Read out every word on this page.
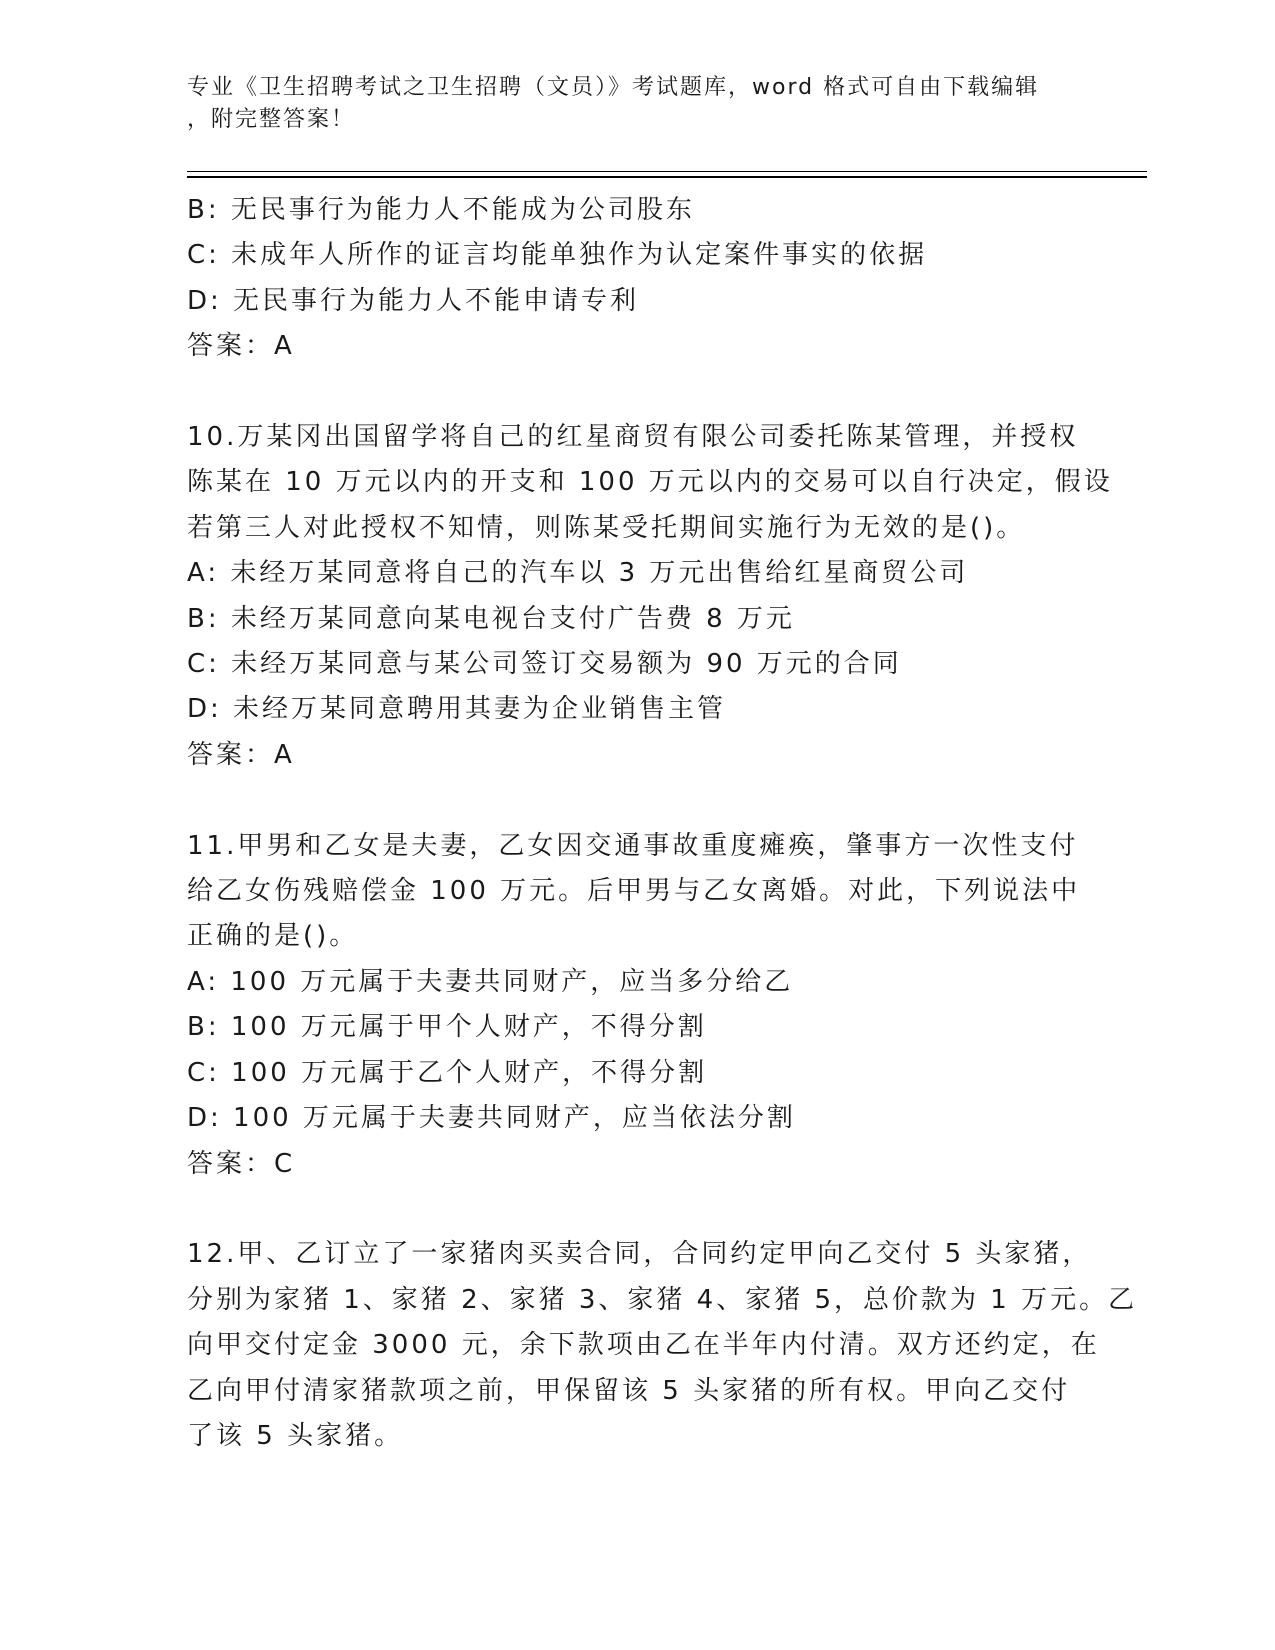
专业《卫生招聘考试之卫生招聘（文员）》考试题库，word 格式可自由下载编辑
，附完整答案！
B: 无民事行为能力人不能成为公司股东
C: 未成年人所作的证言均能单独作为认定案件事实的依据
D: 无民事行为能力人不能申请专利
答案：A
10.万某冈出国留学将自己的红星商贸有限公司委托陈某管理，并授权
陈某在 10 万元以内的开支和 100 万元以内的交易可以自行决定，假设
若第三人对此授权不知情，则陈某受托期间实施行为无效的是()。
A: 未经万某同意将自己的汽车以 3 万元出售给红星商贸公司
B: 未经万某同意向某电视台支付广告费 8 万元
C: 未经万某同意与某公司签订交易额为 90 万元的合同
D: 未经万某同意聘用其妻为企业销售主管
答案：A
11.甲男和乙女是夫妻，乙女因交通事故重度瘫痪，肇事方一次性支付
给乙女伤残赔偿金 100 万元。后甲男与乙女离婚。对此，下列说法中
正确的是()。
A: 100 万元属于夫妻共同财产，应当多分给乙
B: 100 万元属于甲个人财产，不得分割
C: 100 万元属于乙个人财产，不得分割
D: 100 万元属于夫妻共同财产，应当依法分割
答案：C
12.甲、乙订立了一家猪肉买卖合同，合同约定甲向乙交付 5 头家猪，
分别为家猪 1、家猪 2、家猪 3、家猪 4、家猪 5，总价款为 1 万元。乙
向甲交付定金 3000 元，余下款项由乙在半年内付清。双方还约定，在
乙向甲付清家猪款项之前，甲保留该 5 头家猪的所有权。甲向乙交付
了该 5 头家猪。
